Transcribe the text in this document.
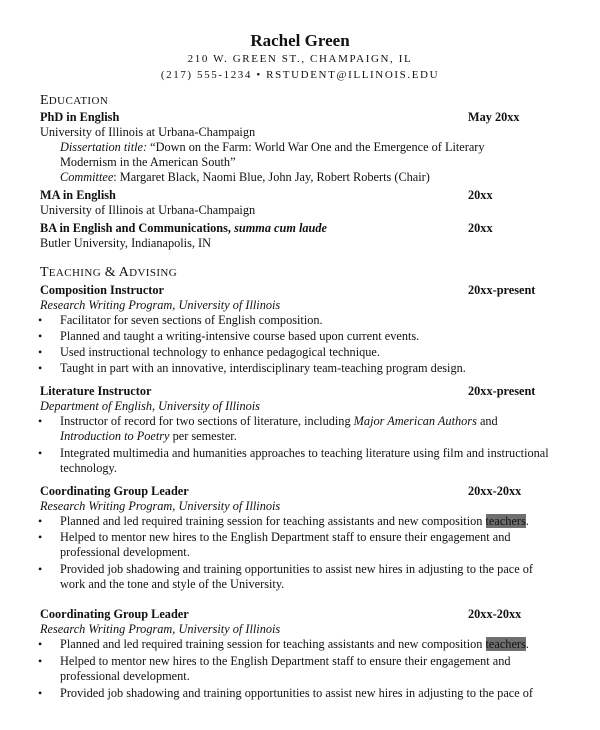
Rachel Green
210 W. GREEN ST., CHAMPAIGN, IL
(217) 555-1234 • RSTUDENT@ILLINOIS.EDU
EDUCATION
PhD in English	May 20xx
University of Illinois at Urbana-Champaign
Dissertation title: “Down on the Farm: World War One and the Emergence of Literary
Modernism in the American South”
Committee: Margaret Black, Naomi Blue, John Jay, Robert Roberts (Chair)
MA in English	20xx
University of Illinois at Urbana-Champaign
BA in English and Communications, summa cum laude	20xx
Butler University, Indianapolis, IN
TEACHING & ADVISING
Composition Instructor	20xx-present
Research Writing Program, University of Illinois
• Facilitator for seven sections of English composition.
• Planned and taught a writing-intensive course based upon current events.
• Used instructional technology to enhance pedagogical technique.
• Taught in part with an innovative, interdisciplinary team-teaching program design.
Literature Instructor	20xx-present
Department of English, University of Illinois
• Instructor of record for two sections of literature, including Major American Authors and
Introduction to Poetry per semester.
• Integrated multimedia and humanities approaches to teaching literature using film and instructional
technology.
Coordinating Group Leader	20xx-20xx
Research Writing Program, University of Illinois
• Planned and led required training session for teaching assistants and new composition teachers.
• Helped to mentor new hires to the English Department staff to ensure their engagement and
professional development.
• Provided job shadowing and training opportunities to assist new hires in adjusting to the pace of
work and the tone and style of the University.
Coordinating Group Leader	20xx-20xx
Research Writing Program, University of Illinois
• Planned and led required training session for teaching assistants and new composition teachers.
• Helped to mentor new hires to the English Department staff to ensure their engagement and
professional development.
• Provided job shadowing and training opportunities to assist new hires in adjusting to the pace of
